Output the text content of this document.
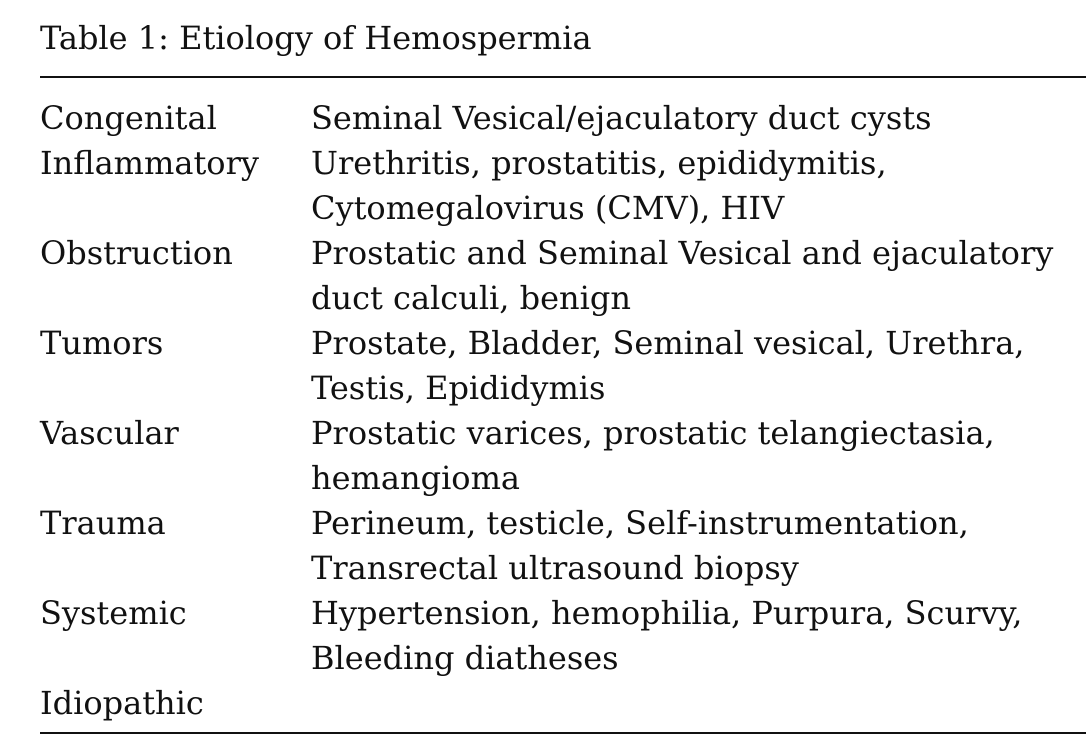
Table 1: Etiology of Hemospermia
Congenital	Seminal Vesical/ejaculatory duct cysts

Inflammatory	Urethritis, prostatitis, epididymitis,
Cytomegalovirus (CMV), HIV

Obstruction	Prostatic and Seminal Vesical and ejaculatory
duct calculi, benign

Tumors	Prostate, Bladder, Seminal vesical, Urethra,
Testis, Epididymis

Vascular	Prostatic varices, prostatic telangiectasia,
hemangioma

Trauma	Perineum, testicle, Self-instrumentation,
Transrectal ultrasound biopsy

Systemic	Hypertension, hemophilia, Purpura, Scurvy,
Bleeding diatheses

Idiopathic	
